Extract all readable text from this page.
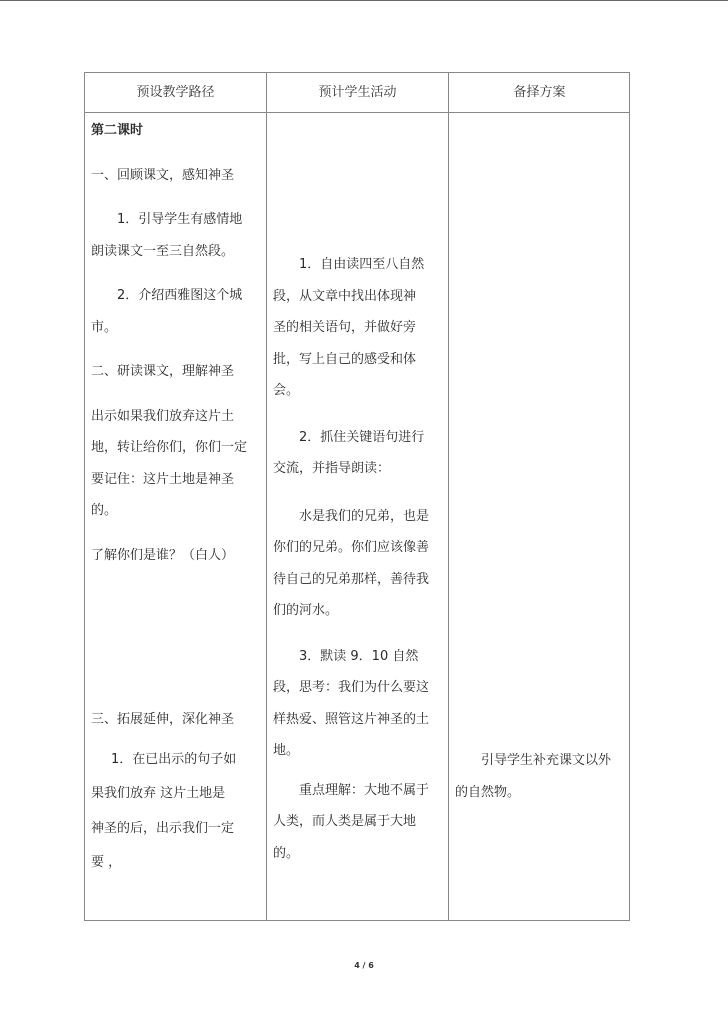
预设教学路径	预计学生活动	备择方案
第二课时
一、回顾课文，感知神圣
1．引导学生有感情地
朗读课文一至三自然段。
2．介绍西雅图这个城
市。
二、研读课文，理解神圣
出示如果我们放弃这片土
地，转让给你们，你们一定
要记住：这片土地是神圣
的。
了解你们是谁？（白人）
三、拓展延伸，深化神圣
1．在已出示的句子如
果我们放弃 这片土地是
神圣的后，出示我们一定
要 ，
1．自由读四至八自然
段，从文章中找出体现神
圣的相关语句，并做好旁
批，写上自己的感受和体
会。
2．抓住关键语句进行
交流，并指导朗读：
水是我们的兄弟，也是
你们的兄弟。你们应该像善
待自己的兄弟那样，善待我
们的河水。
3．默读 9．10 自然
段，思考：我们为什么要这
样热爱、照管这片神圣的土
地。
重点理解：大地不属于
人类，而人类是属于大地
的。
引导学生补充课文以外
的自然物。
4 / 6
